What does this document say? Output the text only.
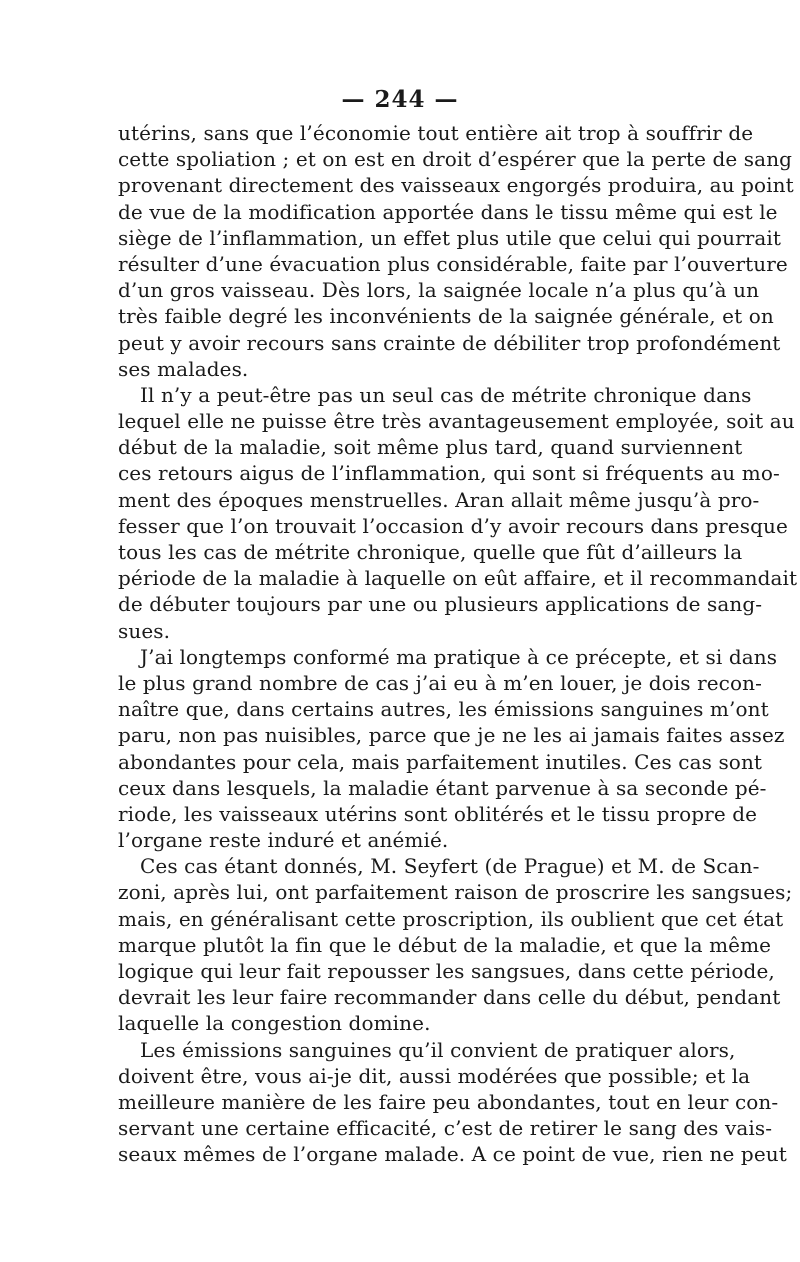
— 244 —
utérins, sans que l’économie tout entière ait trop à souffrir de
cette spoliation ; et on est en droit d’espérer que la perte de sang
provenant directement des vaisseaux engorgés produira, au point
de vue de la modification apportée dans le tissu même qui est le
siège de l’inflammation, un effet plus utile que celui qui pourrait
résulter d’une évacuation plus considérable, faite par l’ouverture
d’un gros vaisseau. Dès lors, la saignée locale n’a plus qu’à un
très faible degré les inconvénients de la saignée générale, et on
peut y avoir recours sans crainte de débiliter trop profondément
ses malades.
Il n’y a peut-être pas un seul cas de métrite chronique dans
lequel elle ne puisse être très avantageusement employée, soit au
début de la maladie, soit même plus tard, quand surviennent
ces retours aigus de l’inflammation, qui sont si fréquents au mo-
ment des époques menstruelles. Aran allait même jusqu’à pro-
fesser que l’on trouvait l’occasion d’y avoir recours dans presque
tous les cas de métrite chronique, quelle que fût d’ailleurs la
période de la maladie à laquelle on eût affaire, et il recommandait
de débuter toujours par une ou plusieurs applications de sang-
sues.
J’ai longtemps conformé ma pratique à ce précepte, et si dans
le plus grand nombre de cas j’ai eu à m’en louer, je dois recon-
naître que, dans certains autres, les émissions sanguines m’ont
paru, non pas nuisibles, parce que je ne les ai jamais faites assez
abondantes pour cela, mais parfaitement inutiles. Ces cas sont
ceux dans lesquels, la maladie étant parvenue à sa seconde pé-
riode, les vaisseaux utérins sont oblitérés et le tissu propre de
l’organe reste induré et anémié.
Ces cas étant donnés, M. Seyfert (de Prague) et M. de Scan-
zoni, après lui, ont parfaitement raison de proscrire les sangsues;
mais, en généralisant cette proscription, ils oublient que cet état
marque plutôt la fin que le début de la maladie, et que la même
logique qui leur fait repousser les sangsues, dans cette période,
devrait les leur faire recommander dans celle du début, pendant
laquelle la congestion domine.
Les émissions sanguines qu’il convient de pratiquer alors,
doivent être, vous ai-je dit, aussi modérées que possible; et la
meilleure manière de les faire peu abondantes, tout en leur con-
servant une certaine efficacité, c’est de retirer le sang des vais-
seaux mêmes de l’organe malade. A ce point de vue, rien ne peut
